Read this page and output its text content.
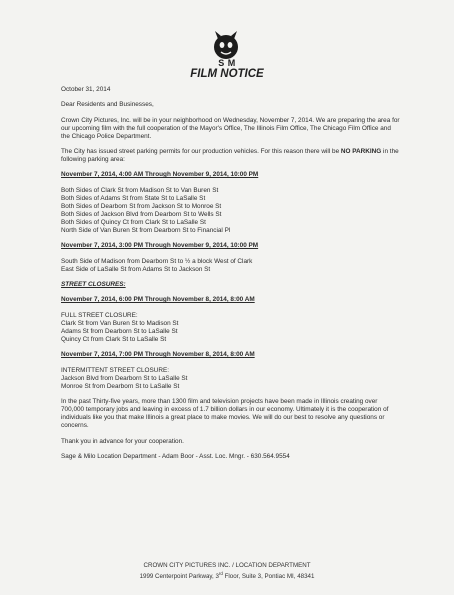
S M
FILM NOTICE

October 31, 2014

Dear Residents and Businesses,

Crown City Pictures, Inc. will be in your neighborhood on Wednesday, November 7, 2014. We are preparing the area for our upcoming film with the full cooperation of the Mayor's Office, The Illinois Film Office, The Chicago Film Office and the Chicago Police Department.

The City has issued street parking permits for our production vehicles. For this reason there will be NO PARKING in the following parking area:

November 7, 2014, 4:00 AM Through November 9, 2014, 10:00 PM

Both Sides of Clark St from Madison St to Van Buren St

Both Sides of Adams St from State St to LaSalle St

Both Sides of Dearborn St from Jackson St to Monroe St

Both Sides of Jackson Blvd from Dearborn St to Wells St

Both Sides of Quincy Ct from Clark St to LaSalle St

North Side of Van Buren St from Dearborn St to Financial Pl

November 7, 2014, 3:00 PM Through November 9, 2014, 10:00 PM

South Side of Madison from Dearborn St to ½ a block West of Clark

East Side of LaSalle St from Adams St to Jackson St

STREET CLOSURES:

November 7, 2014, 6:00 PM Through November 8, 2014, 8:00 AM

FULL STREET CLOSURE:

Clark St from Van Buren St to Madison St

Adams St from Dearborn St to LaSalle St

Quincy Ct from Clark St to LaSalle St

November 7, 2014, 7:00 PM Through November 8, 2014, 8:00 AM

INTERMITTENT STREET CLOSURE:

Jackson Blvd from Dearborn St to LaSalle St

Monroe St from Dearborn St to LaSalle St

In the past Thirty-five years, more than 1300 film and television projects have been made in Illinois creating over 700,000 temporary jobs and leaving in excess of 1.7 billion dollars in our economy. Ultimately it is the cooperation of individuals like you that make Illinois a great place to make movies. We will do our best to resolve any questions or concerns.

Thank you in advance for your cooperation.

Sage & Milo Location Department - Adam Boor - Asst. Loc. Mngr. - 630.564.9554

CROWN CITY PICTURES INC. / LOCATION DEPARTMENT
1999 Centerpoint Parkway, 3rd Floor, Suite 3, Pontiac MI, 48341
